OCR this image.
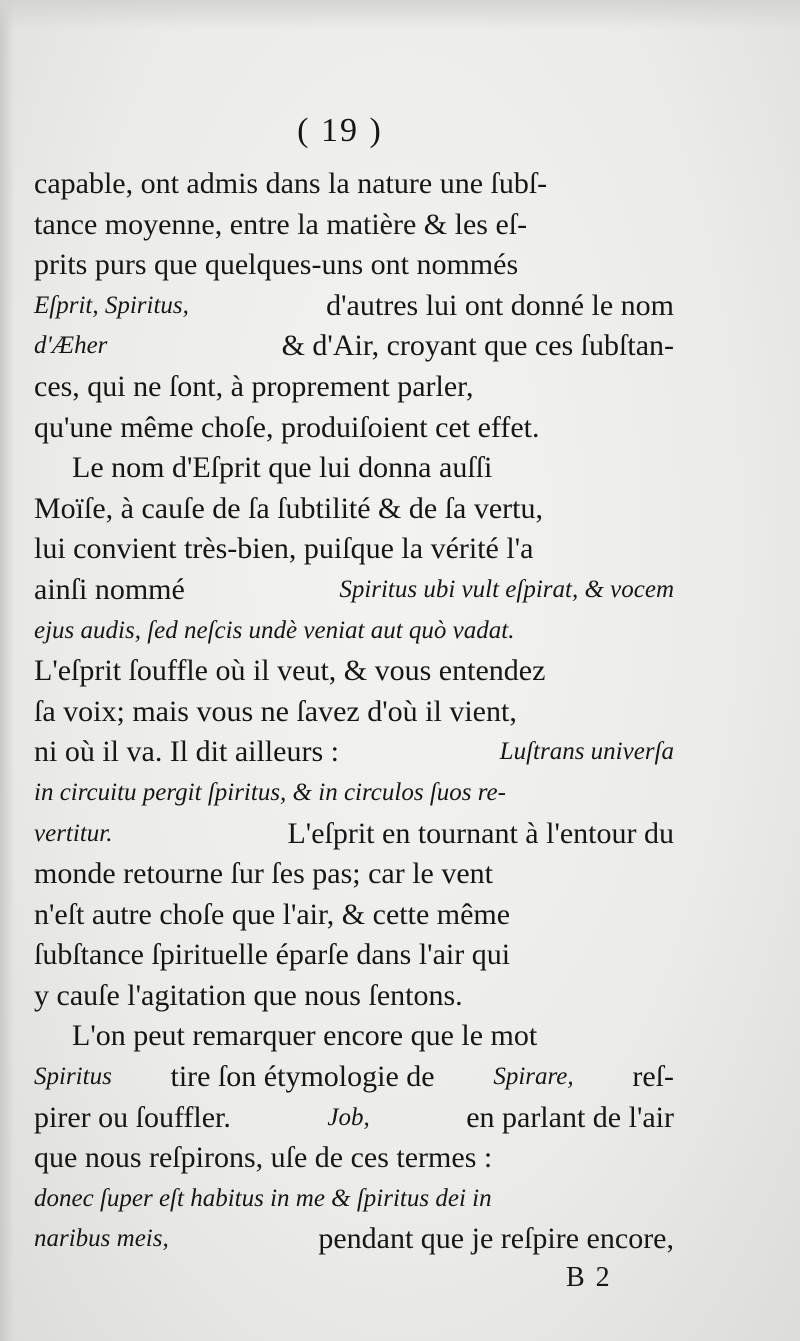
( 19 )
capable, ont admis dans la nature une ſubſ-
tance moyenne, entre la matière & les eſ-
prits purs que quelques-uns ont nommés
Eſprit, Spiritus,	d'autres lui ont donné le nom
d'Æher	& d'Air, croyant que ces ſubſtan-
ces, qui ne ſont, à proprement parler,
qu'une même choſe, produiſoient cet effet.
Le nom d'Eſprit que lui donna auſſi
Moïſe, à cauſe de ſa ſubtilité & de ſa vertu,
lui convient très-bien, puiſque la vérité l'a
ainſi nommé	Spiritus ubi vult eſpirat, & vocem
ejus audis, ſed neſcis undè veniat aut quò vadat.
L'eſprit ſouffle où il veut, & vous entendez
ſa voix; mais vous ne ſavez d'où il vient,
ni où il va. Il dit ailleurs :	Luſtrans univerſa
in circuitu pergit ſpiritus, & in circulos ſuos re-
vertitur.	L'eſprit en tournant à l'entour du
monde retourne ſur ſes pas; car le vent
n'eſt autre choſe que l'air, & cette même
ſubſtance ſpirituelle éparſe dans l'air qui
y cauſe l'agitation que nous ſentons.
L'on peut remarquer encore que le mot
Spiritus tire ſon étymologie de Spirare, reſ-
pirer ou ſouffler.	Job,	en parlant de l'air
que nous reſpirons, uſe de ces termes :
donec ſuper eſt habitus in me & ſpiritus dei in
naribus meis,	pendant que je reſpire encore,
B 2
